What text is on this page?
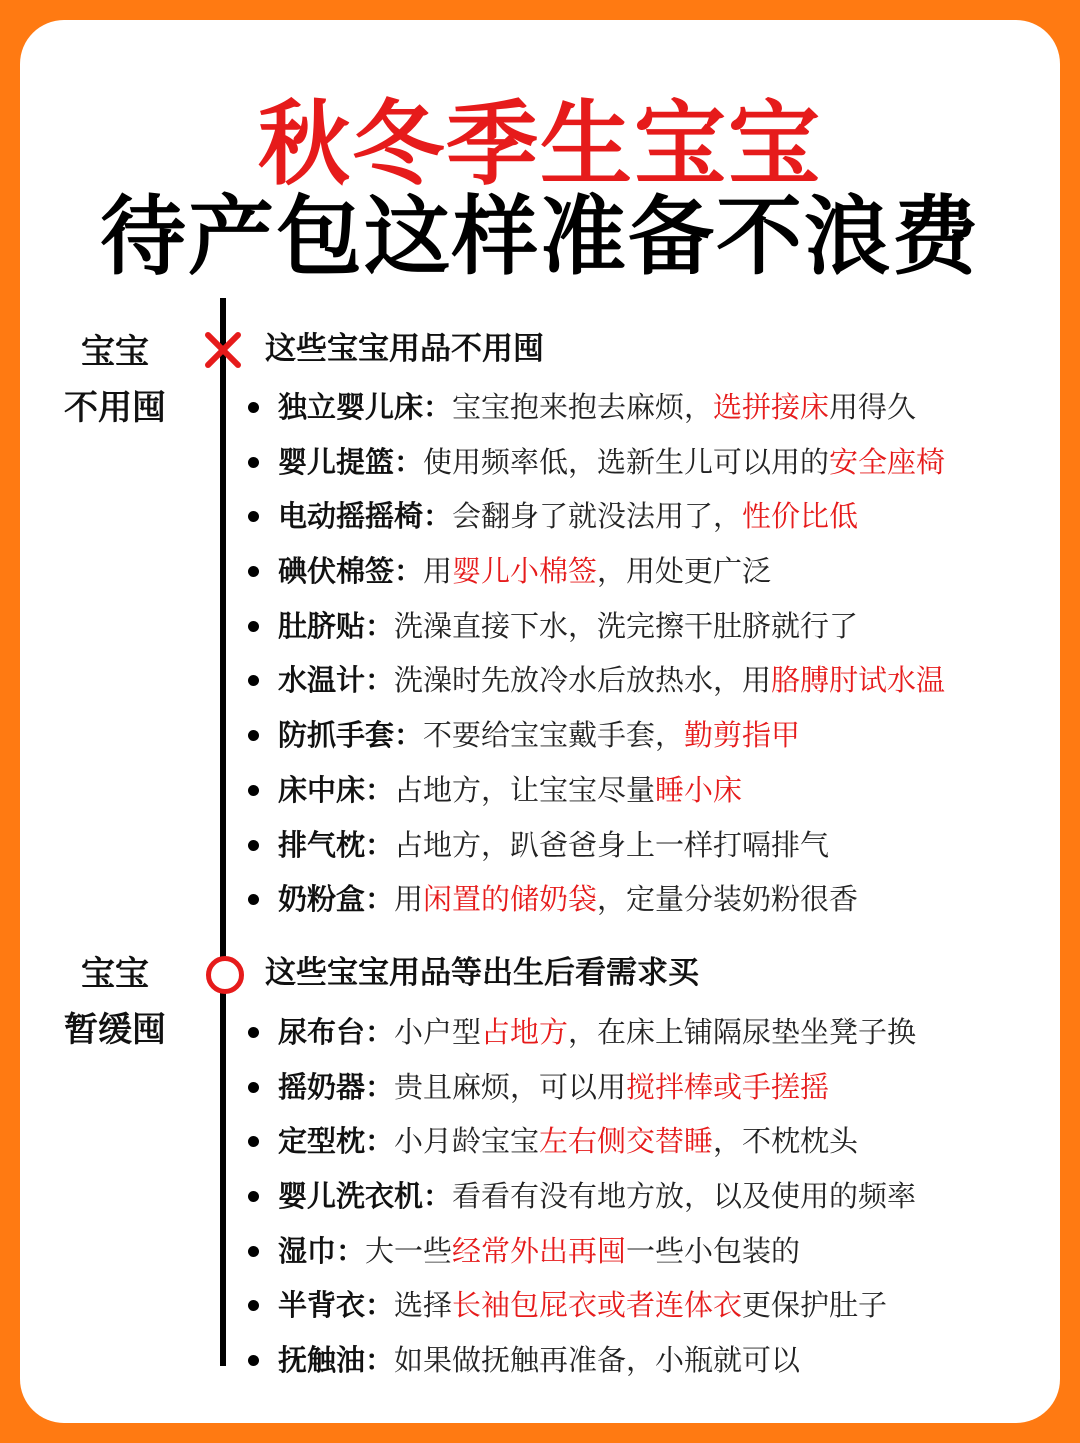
秋冬季生宝宝
待产包这样准备不浪费
宝宝
不用囤
这些宝宝用品不用囤
独立婴儿床：宝宝抱来抱去麻烦，选拼接床用得久
婴儿提篮：使用频率低，选新生儿可以用的安全座椅
电动摇摇椅：会翻身了就没法用了，性价比低
碘伏棉签：用婴儿小棉签，用处更广泛
肚脐贴：洗澡直接下水，洗完擦干肚脐就行了
水温计：洗澡时先放冷水后放热水，用胳膊肘试水温
防抓手套：不要给宝宝戴手套，勤剪指甲
床中床：占地方，让宝宝尽量睡小床
排气枕：占地方，趴爸爸身上一样打嗝排气
奶粉盒：用闲置的储奶袋，定量分装奶粉很香
宝宝
暂缓囤
这些宝宝用品等出生后看需求买
尿布台：小户型占地方，在床上铺隔尿垫坐凳子换
摇奶器：贵且麻烦，可以用搅拌棒或手搓摇
定型枕：小月龄宝宝左右侧交替睡，不枕枕头
婴儿洗衣机：看看有没有地方放，以及使用的频率
湿巾：大一些经常外出再囤一些小包装的
半背衣：选择长袖包屁衣或者连体衣更保护肚子
抚触油：如果做抚触再准备，小瓶就可以
